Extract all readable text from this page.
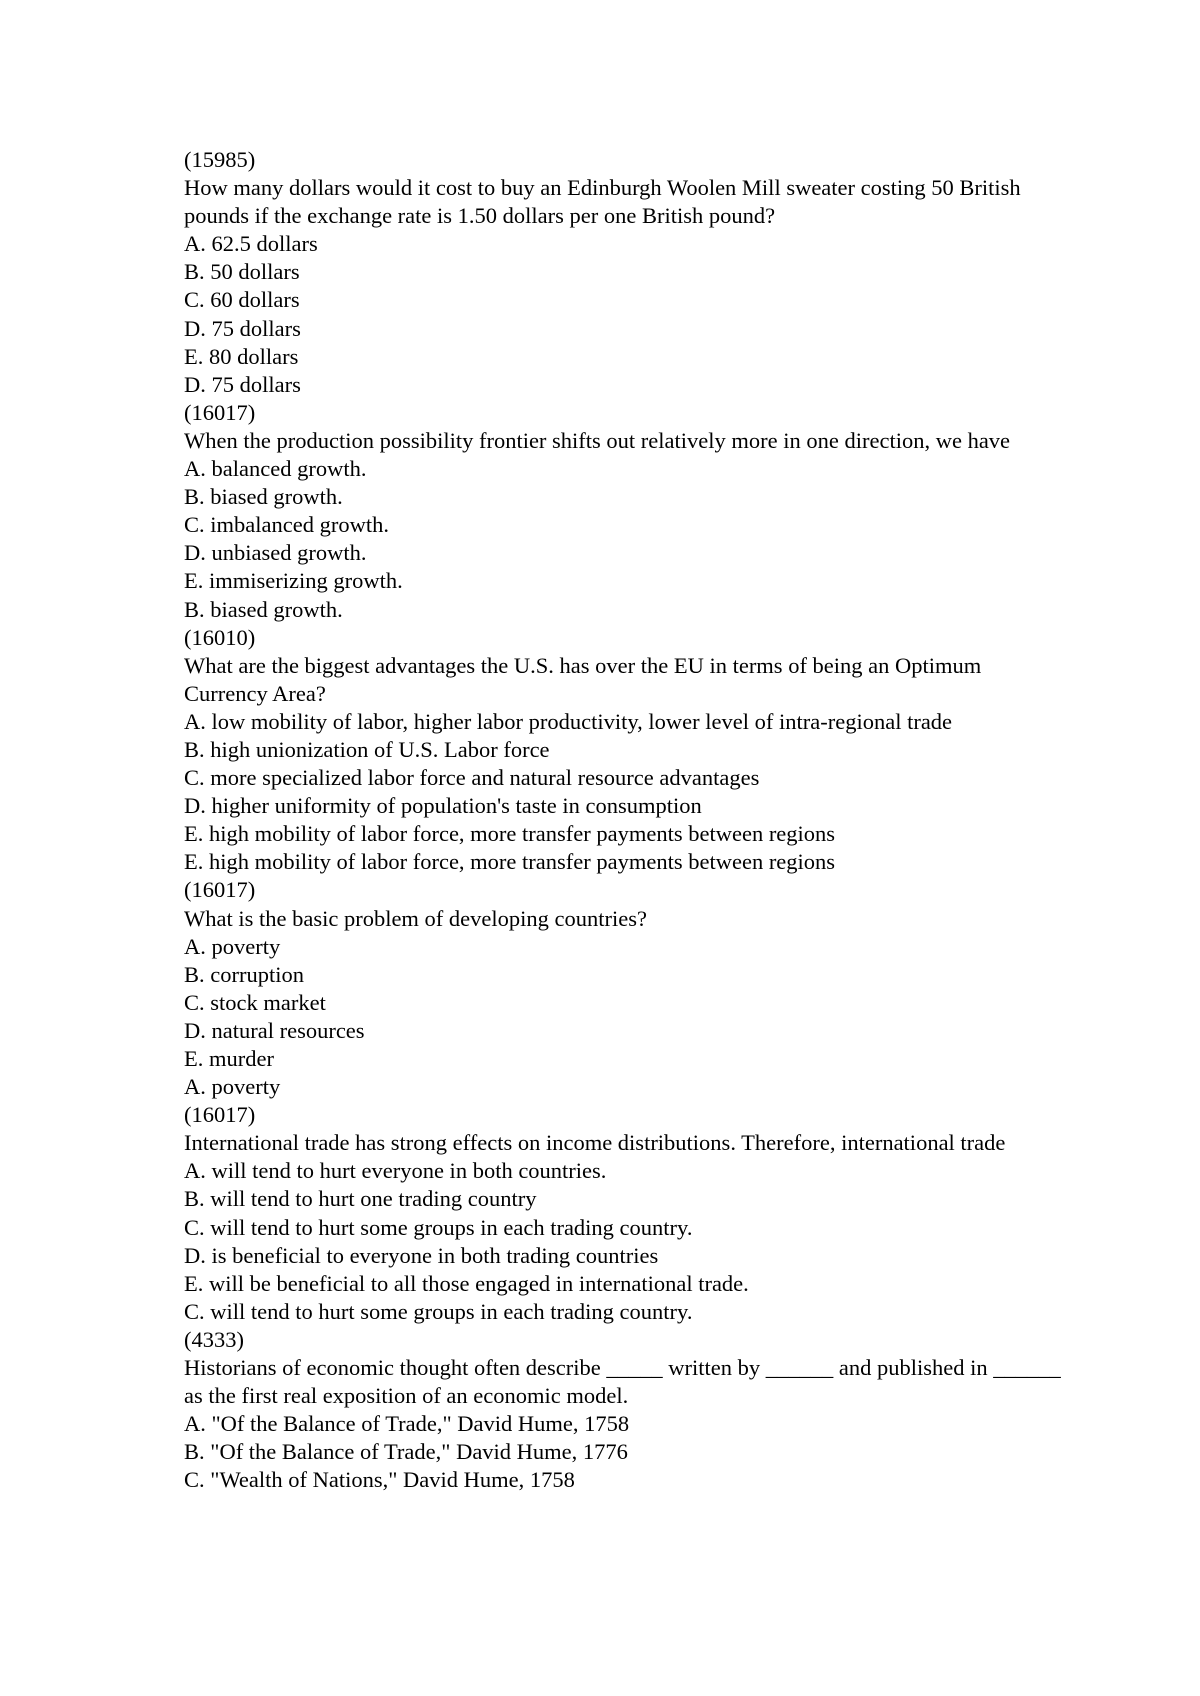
(15985)
How many dollars would it cost to buy an Edinburgh Woolen Mill sweater costing 50 British pounds if the exchange rate is 1.50 dollars per one British pound?
A. 62.5 dollars
B. 50 dollars
C. 60 dollars
D. 75 dollars
E. 80 dollars
D. 75 dollars
(16017)
When the production possibility frontier shifts out relatively more in one direction, we have
A. balanced growth.
B. biased growth.
C. imbalanced growth.
D. unbiased growth.
E. immiserizing growth.
B. biased growth.
(16010)
What are the biggest advantages the U.S. has over the EU in terms of being an Optimum Currency Area?
A. low mobility of labor, higher labor productivity, lower level of intra-regional trade
B. high unionization of U.S. Labor force
C. more specialized labor force and natural resource advantages
D. higher uniformity of population's taste in consumption
E. high mobility of labor force, more transfer payments between regions
E. high mobility of labor force, more transfer payments between regions
(16017)
What is the basic problem of developing countries?
A. poverty
B. corruption
C. stock market
D. natural resources
E. murder
A. poverty
(16017)
International trade has strong effects on income distributions. Therefore, international trade
A. will tend to hurt everyone in both countries.
B. will tend to hurt one trading country
C. will tend to hurt some groups in each trading country.
D. is beneficial to everyone in both trading countries
E. will be beneficial to all those engaged in international trade.
C. will tend to hurt some groups in each trading country.
(4333)
Historians of economic thought often describe _____ written by ______ and published in ______ as the first real exposition of an economic model.
A. "Of the Balance of Trade," David Hume, 1758
B. "Of the Balance of Trade," David Hume, 1776
C. "Wealth of Nations," David Hume, 1758
